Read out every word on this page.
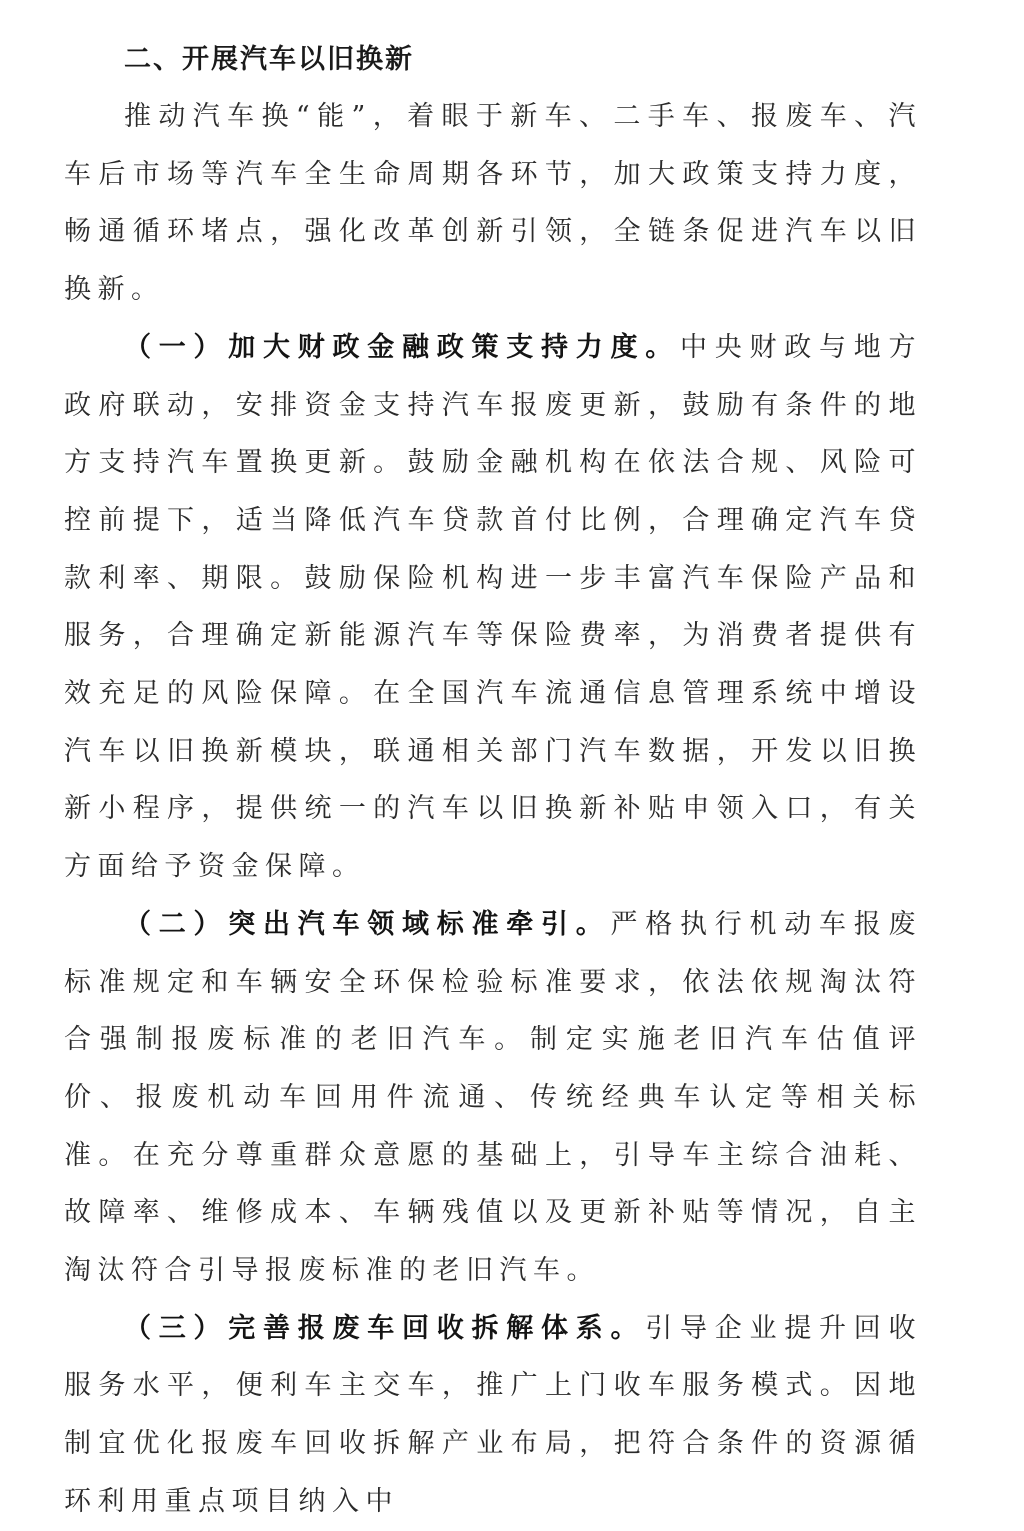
二、开展汽车以旧换新

推动汽车换“能”，着眼于新车、二手车、报废车、汽车后市场等汽车全生命周期各环节，加大政策支持力度，畅通循环堵点，强化改革创新引领，全链条促进汽车以旧换新。

（一）加大财政金融政策支持力度。中央财政与地方政府联动，安排资金支持汽车报废更新，鼓励有条件的地方支持汽车置换更新。鼓励金融机构在依法合规、风险可控前提下，适当降低汽车贷款首付比例，合理确定汽车贷款利率、期限。鼓励保险机构进一步丰富汽车保险产品和服务，合理确定新能源汽车等保险费率，为消费者提供有效充足的风险保障。在全国汽车流通信息管理系统中增设汽车以旧换新模块，联通相关部门汽车数据，开发以旧换新小程序，提供统一的汽车以旧换新补贴申领入口，有关方面给予资金保障。

（二）突出汽车领域标准牵引。严格执行机动车报废标准规定和车辆安全环保检验标准要求，依法依规淘汰符合强制报废标准的老旧汽车。制定实施老旧汽车估值评价、报废机动车回用件流通、传统经典车认定等相关标准。在充分尊重群众意愿的基础上，引导车主综合油耗、故障率、维修成本、车辆残值以及更新补贴等情况，自主淘汰符合引导报废标准的老旧汽车。

（三）完善报废车回收拆解体系。引导企业提升回收服务水平，便利车主交车，推广上门收车服务模式。因地制宜优化报废车回收拆解产业布局，把符合条件的资源循环利用重点项目纳入中
